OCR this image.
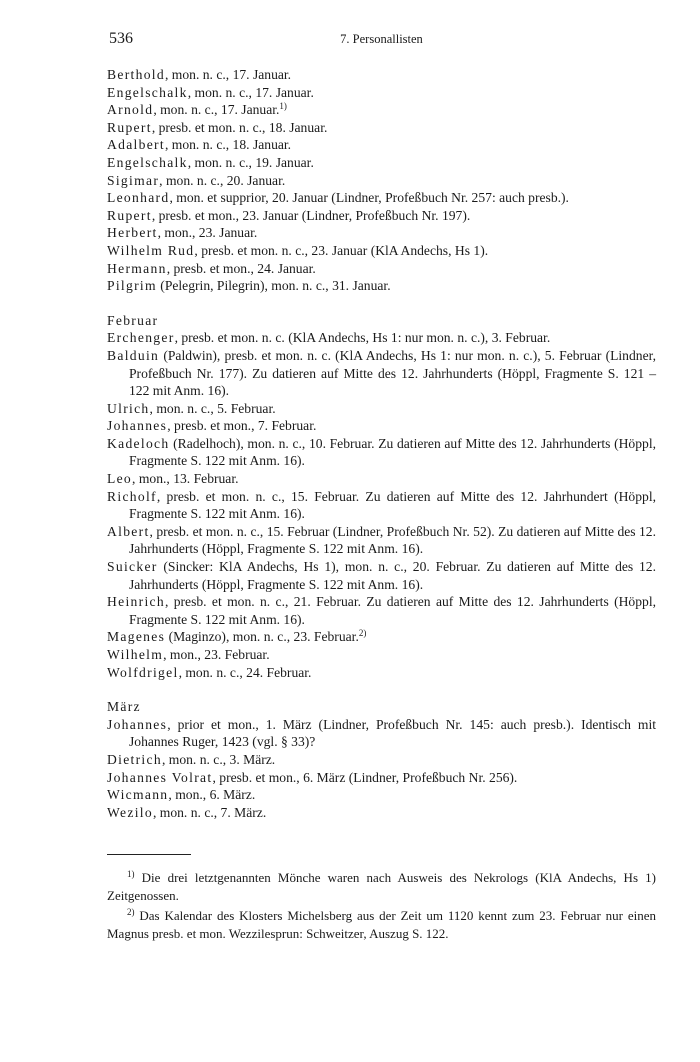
536	7. Personallisten
Berthold, mon. n. c., 17. Januar.
Engelschalk, mon. n. c., 17. Januar.
Arnold, mon. n. c., 17. Januar.$^{1)}$
Rupert, presb. et mon. n. c., 18. Januar.
Adalbert, mon. n. c., 18. Januar.
Engelschalk, mon. n. c., 19. Januar.
Sigimar, mon. n. c., 20. Januar.
Leonhard, mon. et supprior, 20. Januar (Lindner, Profeßbuch Nr. 257: auch presb.).
Rupert, presb. et mon., 23. Januar (Lindner, Profeßbuch Nr. 197).
Herbert, mon., 23. Januar.
Wilhelm Rud, presb. et mon. n. c., 23. Januar (KlA Andechs, Hs 1).
Hermann, presb. et mon., 24. Januar.
Pilgrim (Pelegrin, Pilegrin), mon. n. c., 31. Januar.
Februar
Erchenger, presb. et mon. n. c. (KlA Andechs, Hs 1: nur mon. n. c.), 3. Februar.
Balduin (Paldwin), presb. et mon. n. c. (KlA Andechs, Hs 1: nur mon. n. c.), 5. Februar (Lindner, Profeßbuch Nr. 177). Zu datieren auf Mitte des 12. Jahrhunderts (Höppl, Fragmente S. 121 – 122 mit Anm. 16).
Ulrich, mon. n. c., 5. Februar.
Johannes, presb. et mon., 7. Februar.
Kadeloch (Radelhoch), mon. n. c., 10. Februar. Zu datieren auf Mitte des 12. Jahrhunderts (Höppl, Fragmente S. 122 mit Anm. 16).
Leo, mon., 13. Februar.
Richolf, presb. et mon. n. c., 15. Februar. Zu datieren auf Mitte des 12. Jahrhundert (Höppl, Fragmente S. 122 mit Anm. 16).
Albert, presb. et mon. n. c., 15. Februar (Lindner, Profeßbuch Nr. 52). Zu datieren auf Mitte des 12. Jahrhunderts (Höppl, Fragmente S. 122 mit Anm. 16).
Suicker (Sincker: KlA Andechs, Hs 1), mon. n. c., 20. Februar. Zu datieren auf Mitte des 12. Jahrhunderts (Höppl, Fragmente S. 122 mit Anm. 16).
Heinrich, presb. et mon. n. c., 21. Februar. Zu datieren auf Mitte des 12. Jahrhunderts (Höppl, Fragmente S. 122 mit Anm. 16).
Magenes (Maginzo), mon. n. c., 23. Februar.$^{2)}$
Wilhelm, mon., 23. Februar.
Wolfdrigel, mon. n. c., 24. Februar.
März
Johannes, prior et mon., 1. März (Lindner, Profeßbuch Nr. 145: auch presb.). Identisch mit Johannes Ruger, 1423 (vgl. § 33)?
Dietrich, mon. n. c., 3. März.
Johannes Volrat, presb. et mon., 6. März (Lindner, Profeßbuch Nr. 256).
Wicmann, mon., 6. März.
Wezilo, mon. n. c., 7. März.
$^{1)}$ Die drei letztgenannten Mönche waren nach Ausweis des Nekrologs (KlA Andechs, Hs 1) Zeitgenossen.
$^{2)}$ Das Kalendar des Klosters Michelsberg aus der Zeit um 1120 kennt zum 23. Februar nur einen Magnus presb. et mon. Wezzilesprun: Schweitzer, Auszug S. 122.
